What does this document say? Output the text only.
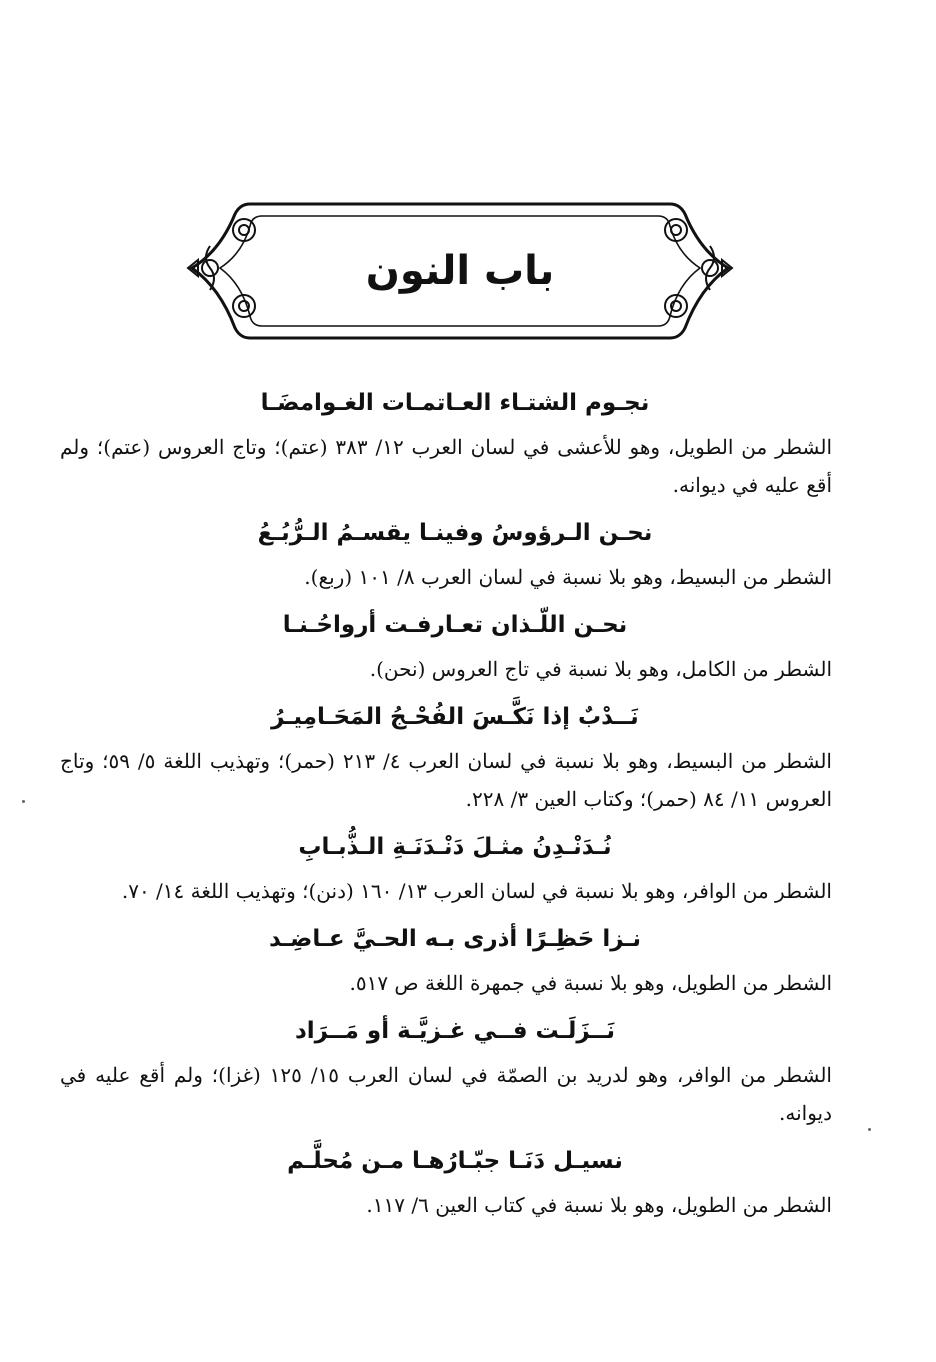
باب النون
نجـوم الشتـاء العـاتمـات الغـوامضَـا
الشطر من الطويل، وهو للأعشى في لسان العرب ١٢/ ٣٨٣ (عتم)؛ وتاج العروس (عتم)؛ ولم أقع عليه في ديوانه.
نحـن الـرؤوسُ وفينـا يقسـمُ الـرُّبُـعُ
الشطر من البسيط، وهو بلا نسبة في لسان العرب ٨/ ١٠١ (ربع).
نحـن اللّـذان تعـارفـت أرواحُـنـا
الشطر من الكامل، وهو بلا نسبة في تاج العروس (نحن).
نَــدْبٌ إذا نَكَّـسَ الفُحْـجُ المَحَـامِيـرُ
الشطر من البسيط، وهو بلا نسبة في لسان العرب ٤/ ٢١٣ (حمر)؛ وتهذيب اللغة ٥/ ٥٩؛ وتاج العروس ١١/ ٨٤ (حمر)؛ وكتاب العين ٣/ ٢٢٨.
نُـدَنْـدِنُ مثـلَ دَنْـدَنَـةِ الـذُّبـابِ
الشطر من الوافر، وهو بلا نسبة في لسان العرب ١٣/ ١٦٠ (دنن)؛ وتهذيب اللغة ١٤/ ٧٠.
نـزا حَظِـرًا أذرى بـه الحـيَّ عـاضِـد
الشطر من الطويل، وهو بلا نسبة في جمهرة اللغة ص ٥١٧.
نَــزَلَـت فــي غـزيَّـة أو مَــرَاد
الشطر من الوافر، وهو لدريد بن الصمّة في لسان العرب ١٥/ ١٢٥ (غزا)؛ ولم أقع عليه في ديوانه.
نسيـل دَنَـا جبّـارُهـا مـن مُحلَّـم
الشطر من الطويل، وهو بلا نسبة في كتاب العين ٦/ ١١٧.
